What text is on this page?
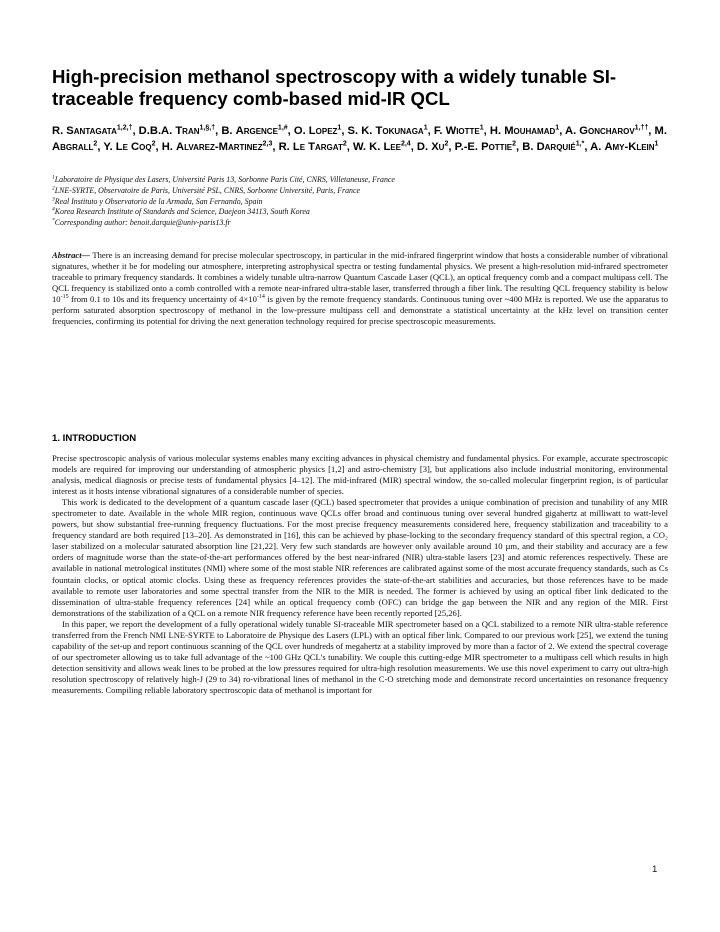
High-precision methanol spectroscopy with a widely tunable SI-traceable frequency comb-based mid-IR QCL

R. Santagata$^{1,2,\dagger}$, D.B.A. Tran$^{1,\S,\dagger}$, B. Argence$^{1,\#}$, O. Lopez$^1$, S. K. Tokunaga$^1$, F. Wiotte$^1$, H. Mouhamad$^1$, A. Goncharov$^{1,\dagger\dagger}$, M. Abgrall$^2$, Y. Le Coq$^2$, H. Alvarez-Martinez$^{2,3}$, R. Le Targat$^2$, W. K. Lee$^{2,4}$, D. Xu$^2$, P.-E. Pottie$^2$, B. Darquié$^{1,*}$, A. Amy-Klein$^1$

$^1$Laboratoire de Physique des Lasers, Université Paris 13, Sorbonne Paris Cité, CNRS, Villetaneuse, France
$^2$LNE-SYRTE, Observatoire de Paris, Université PSL, CNRS, Sorbonne Université, Paris, France
$^3$Real Instituto y Observatorio de la Armada, San Fernando, Spain
$^4$Korea Research Institute of Standards and Science, Daejeon 34113, South Korea
*Corresponding author: benoit.darquie@univ-paris13.fr

Abstract— There is an increasing demand for precise molecular spectroscopy, in particular in the mid-infrared fingerprint window that hosts a considerable number of vibrational signatures, whether it be for modeling our atmosphere, interpreting astrophysical spectra or testing fundamental physics. We present a high-resolution mid-infrared spectrometer traceable to primary frequency standards. It combines a widely tunable ultra-narrow Quantum Cascade Laser (QCL), an optical frequency comb and a compact multipass cell. The QCL frequency is stabilized onto a comb controlled with a remote near-infrared ultra-stable laser, transferred through a fiber link. The resulting QCL frequency stability is below $10^{-15}$ from 0.1 to 10s and its frequency uncertainty of $4\times 10^{-14}$ is given by the remote frequency standards. Continuous tuning over ~400 MHz is reported. We use the apparatus to perform saturated absorption spectroscopy of methanol in the low-pressure multipass cell and demonstrate a statistical uncertainty at the kHz level on transition center frequencies, confirming its potential for driving the next generation technology required for precise spectroscopic measurements.

1. INTRODUCTION

Precise spectroscopic analysis of various molecular systems enables many exciting advances in physical chemistry and fundamental physics. For example, accurate spectroscopic models are required for improving our understanding of atmospheric physics [1,2] and astro-chemistry [3], but applications also include industrial monitoring, environmental analysis, medical diagnosis or precise tests of fundamental physics [4–12]. The mid-infrared (MIR) spectral window, the so-called molecular fingerprint region, is of particular interest as it hosts intense vibrational signatures of a considerable number of species.

This work is dedicated to the development of a quantum cascade laser (QCL) based spectrometer that provides a unique combination of precision and tunability of any MIR spectrometer to date. Available in the whole MIR region, continuous wave QCLs offer broad and continuous tuning over several hundred gigahertz at milliwatt to watt-level powers, but show substantial free-running frequency fluctuations. For the most precise frequency measurements considered here, frequency stabilization and traceability to a frequency standard are both required [13–20]. As demonstrated in [16], this can be achieved by phase-locking to the secondary frequency standard of this spectral region, a CO₂ laser stabilized on a molecular saturated absorption line [21,22]. Very few such standards are however only available around 10 µm, and their stability and accuracy are a few orders of magnitude worse than the state-of-the-art performances offered by the best near-infrared (NIR) ultra-stable lasers [23] and atomic references respectively. These are available in national metrological institutes (NMI) where some of the most stable NIR references are calibrated against some of the most accurate frequency standards, such as Cs fountain clocks, or optical atomic clocks. Using these as frequency references provides the state-of-the-art stabilities and accuracies, but those references have to be made available to remote user laboratories and some spectral transfer from the NIR to the MIR is needed. The former is achieved by using an optical fiber link dedicated to the dissemination of ultra-stable frequency references [24] while an optical frequency comb (OFC) can bridge the gap between the NIR and any region of the MIR. First demonstrations of the stabilization of a QCL on a remote NIR frequency reference have been recently reported [25,26].

In this paper, we report the development of a fully operational widely tunable SI-traceable MIR spectrometer based on a QCL stabilized to a remote NIR ultra-stable reference transferred from the French NMI LNE-SYRTE to Laboratoire de Physique des Lasers (LPL) with an optical fiber link. Compared to our previous work [25], we extend the tuning capability of the set-up and report continuous scanning of the QCL over hundreds of megahertz at a stability improved by more than a factor of 2. We extend the spectral coverage of our spectrometer allowing us to take full advantage of the ~100 GHz QCL's tunability. We couple this cutting-edge MIR spectrometer to a multipass cell which results in high detection sensitivity and allows weak lines to be probed at the low pressures required for ultra-high resolution measurements. We use this novel experiment to carry out ultra-high resolution spectroscopy of relatively high-J (29 to 34) ro-vibrational lines of methanol in the C-O stretching mode and demonstrate record uncertainties on resonance frequency measurements. Compiling reliable laboratory spectroscopic data of methanol is important for

1
